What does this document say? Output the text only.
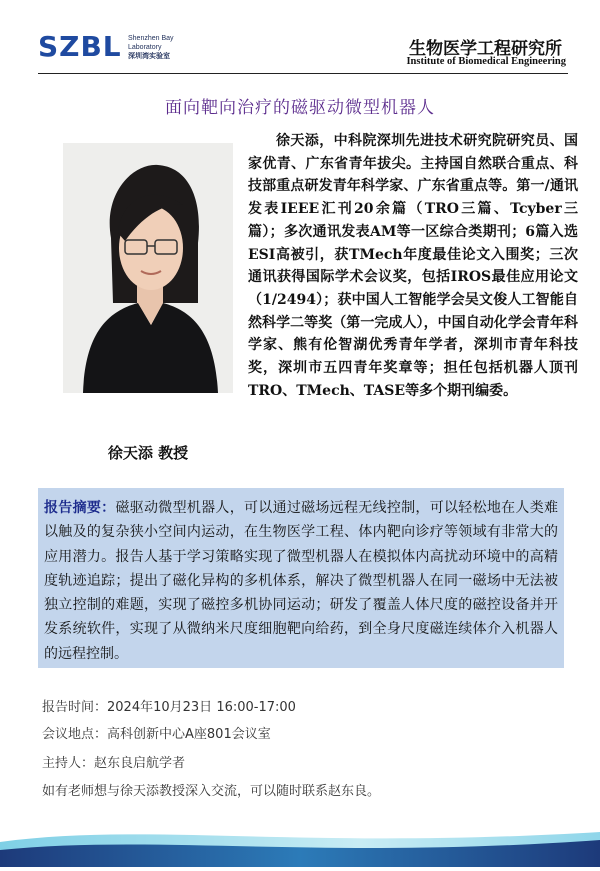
SZBL Shenzhen Bay
Laboratory
深圳湾实验室	生物医学工程研究所
Institute of Biomedical Engineering
面向靶向治疗的磁驱动微型机器人
徐天添 教授

徐天添，中科院深圳先进技术研究院研究员、国家优青、广东省青年拔尖。主持国自然联合重点、科技部重点研发青年科学家、广东省重点等。第一/通讯发表IEEE汇刊20余篇（TRO三篇、Tcyber三篇）；多次通讯发表AM等一区综合类期刊；6篇入选ESI高被引，获TMech年度最佳论文入围奖；三次通讯获得国际学术会议奖，包括IROS最佳应用论文（1/2494）；获中国人工智能学会吴文俊人工智能自然科学二等奖（第一完成人），中国自动化学会青年科学家、熊有伦智湖优秀青年学者，深圳市青年科技奖，深圳市五四青年奖章等；担任包括机器人顶刊TRO、TMech、TASE等多个期刊编委。

报告摘要：磁驱动微型机器人，可以通过磁场远程无线控制，可以轻松地在人类难以触及的复杂狭小空间内运动，在生物医学工程、体内靶向诊疗等领域有非常大的应用潜力。报告人基于学习策略实现了微型机器人在模拟体内高扰动环境中的高精度轨迹追踪；提出了磁化异构的多机体系，解决了微型机器人在同一磁场中无法被独立控制的难题，实现了磁控多机协同运动；研发了覆盖人体尺度的磁控设备并开发系统软件，实现了从微纳米尺度细胞靶向给药，到全身尺度磁连续体介入机器人的远程控制。
报告时间：2024年10月23日 16:00-17:00
会议地点：高科创新中心A座801会议室
主持人：赵东良启航学者
如有老师想与徐天添教授深入交流，可以随时联系赵东良。
